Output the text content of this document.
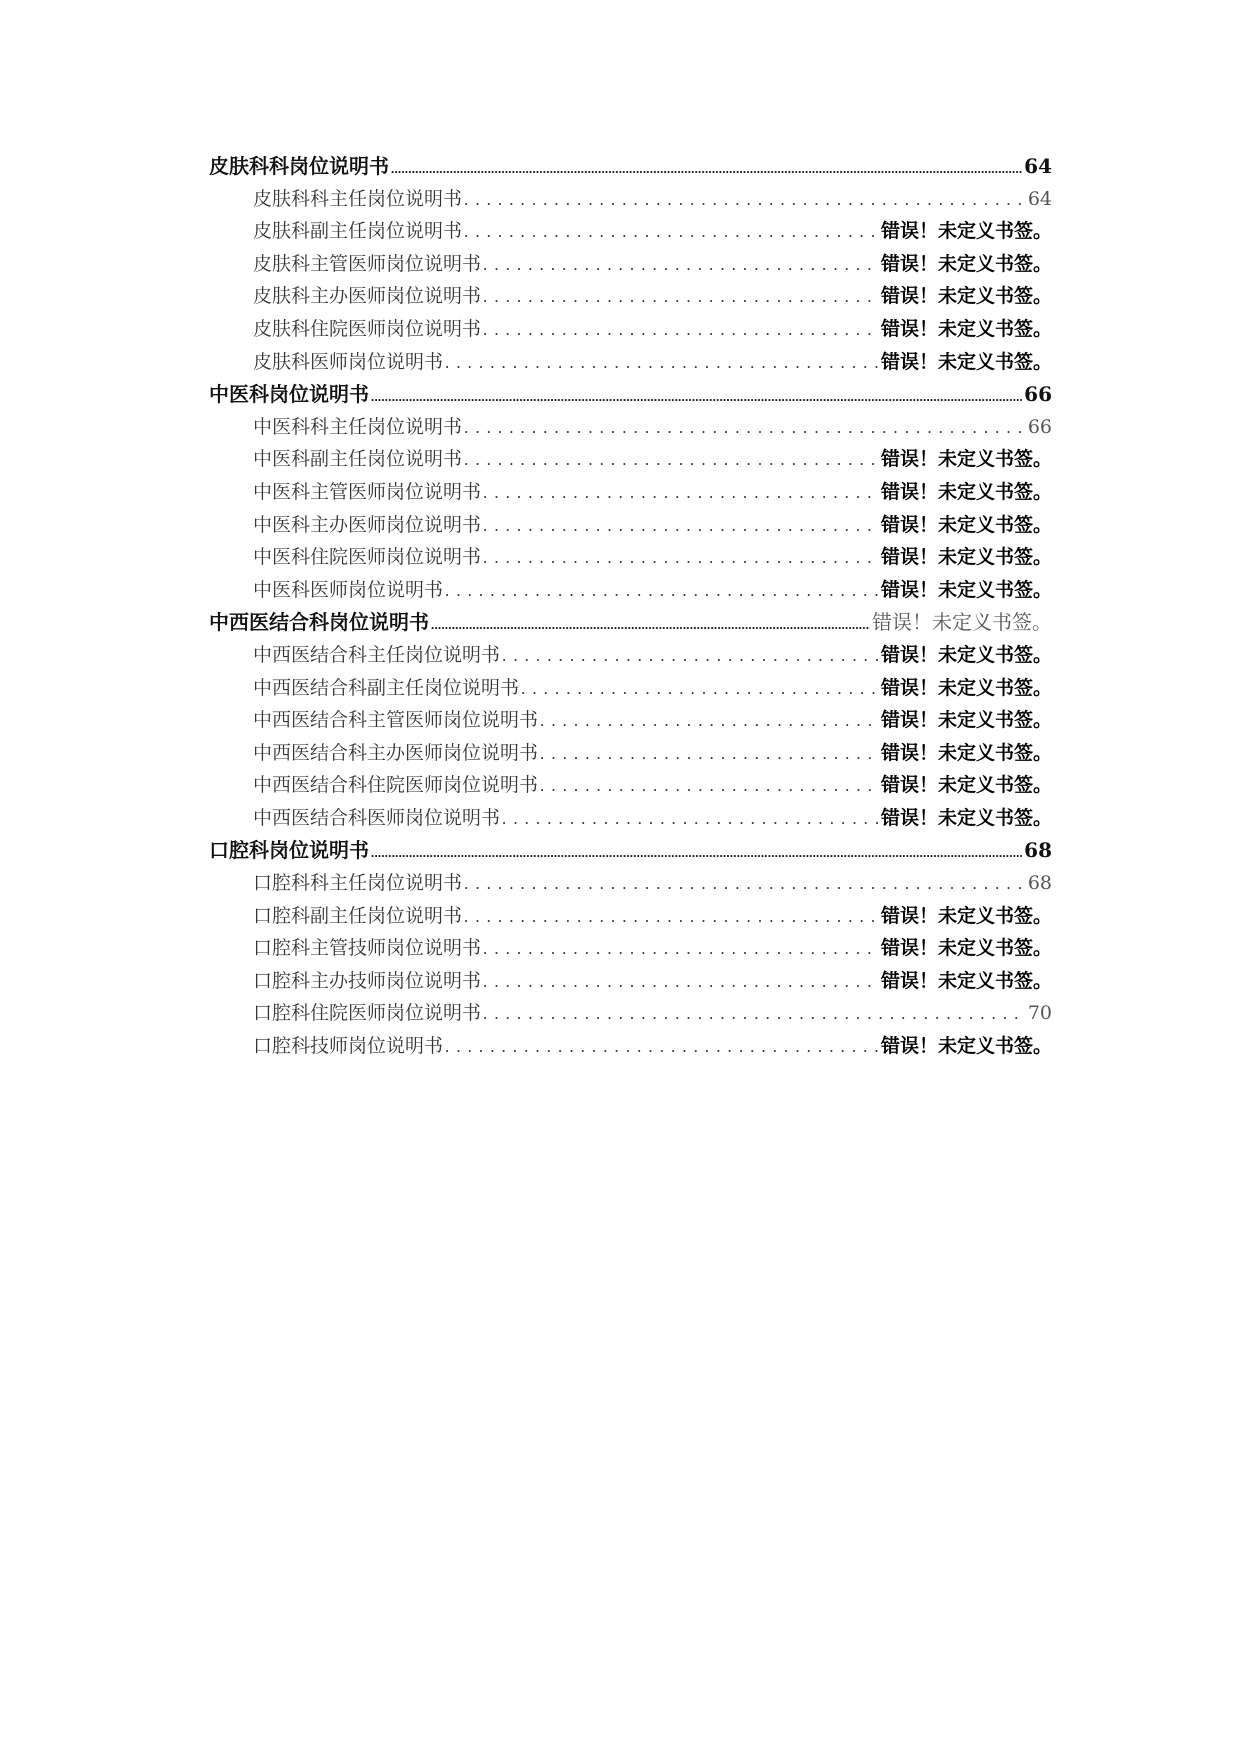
皮肤科科岗位说明书 .....	64
皮肤科科主任岗位说明书 . . .	64
皮肤科副主任岗位说明书 . . .	错误！未定义书签。
皮肤科主管医师岗位说明书 . . .	错误！未定义书签。
皮肤科主办医师岗位说明书 . . .	错误！未定义书签。
皮肤科住院医师岗位说明书 . . .	错误！未定义书签。
皮肤科医师岗位说明书 . . .	错误！未定义书签。
中医科岗位说明书 .....	66
中医科科主任岗位说明书 . . .	66
中医科副主任岗位说明书 . . .	错误！未定义书签。
中医科主管医师岗位说明书 . . .	错误！未定义书签。
中医科主办医师岗位说明书 . . .	错误！未定义书签。
中医科住院医师岗位说明书 . . .	错误！未定义书签。
中医科医师岗位说明书 . . .	错误！未定义书签。
中西医结合科岗位说明书 .....	错误！未定义书签。
中西医结合科主任岗位说明书 . . .	错误！未定义书签。
中西医结合科副主任岗位说明书 . . .	错误！未定义书签。
中西医结合科主管医师岗位说明书 . . .	错误！未定义书签。
中西医结合科主办医师岗位说明书 . . .	错误！未定义书签。
中西医结合科住院医师岗位说明书 . . .	错误！未定义书签。
中西医结合科医师岗位说明书 . . .	错误！未定义书签。
口腔科岗位说明书 .....	68
口腔科科主任岗位说明书 . . .	68
口腔科副主任岗位说明书 . . .	错误！未定义书签。
口腔科主管技师岗位说明书 . . .	错误！未定义书签。
口腔科主办技师岗位说明书 . . .	错误！未定义书签。
口腔科住院医师岗位说明书 . . .	70
口腔科技师岗位说明书 . . .	错误！未定义书签。
